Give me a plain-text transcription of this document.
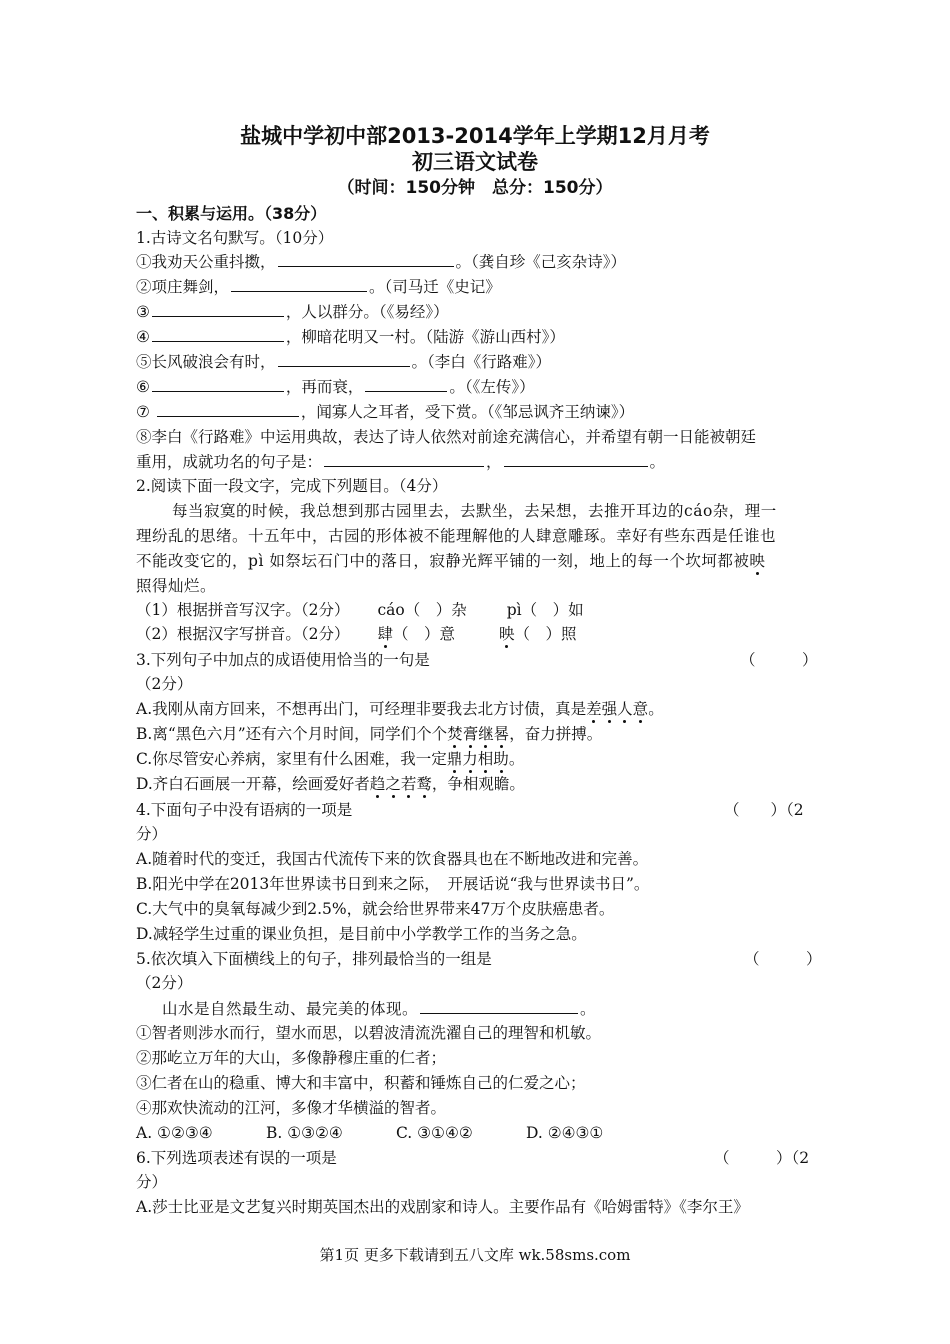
盐城中学初中部2013-2014学年上学期12月月考
初三语文试卷
（时间：150分钟　总分：150分）
一、积累与运用。（38分）
1.古诗文名句默写。（10分）
①我劝天公重抖擞，	。（龚自珍《己亥杂诗》）
②项庄舞剑，	。（司马迁《史记》
③	，人以群分。（《易经》）
④	，柳暗花明又一村。（陆游《游山西村》）
⑤长风破浪会有时，	。（李白《行路难》）
⑥	，再而衰，	。（《左传》）
⑦	，闻寡人之耳者，受下赏。（《邹忌讽齐王纳谏》）
⑧李白《行路难》中运用典故，表达了诗人依然对前途充满信心，并希望有朝一日能被朝廷
重用，成就功名的句子是：	，	。
2.阅读下面一段文字，完成下列题目。（4分）
每当寂寞的时候，我总想到那古园里去，去默坐，去呆想，去推开耳边的cáo杂，理一
理纷乱的思绪。十五年中，古园的形体被不能理解他的人肆意雕琢。幸好有些东西是任谁也
不能改变它的，pì 如祭坛石门中的落日，寂静光辉平铺的一刻，地上的每一个坎坷都被映
照得灿烂。
（1）根据拼音写汉字。（2分） cáo（　）杂	pì（　）如
（2）根据汉字写拼音。（2分） 肆（　）意	映（　）照
3.下列句子中加点的成语使用恰当的一句是	（　　　）
（2分）
A.我刚从南方回来，不想再出门，可经理非要我去北方讨债，真是差强人意。
B.离“黑色六月”还有六个月时间，同学们个个焚膏继晷，奋力拼搏。
C.你尽管安心养病，家里有什么困难，我一定鼎力相助。
D.齐白石画展一开幕，绘画爱好者趋之若鹜，争相观瞻。
4.下面句子中没有语病的一项是	（　　）（2
分）
A.随着时代的变迁，我国古代流传下来的饮食器具也在不断地改进和完善。
B.阳光中学在2013年世界读书日到来之际，　开展话说“我与世界读书日”。
C.大气中的臭氧每减少到2.5%，就会给世界带来47万个皮肤癌患者。
D.减轻学生过重的课业负担，是目前中小学教学工作的当务之急。
5.依次填入下面横线上的句子，排列最恰当的一组是	（　　　）
（2分）
山水是自然最生动、最完美的体现。	。
①智者则涉水而行，望水而思，以碧波清流洗濯自己的理智和机敏。
②那屹立万年的大山，多像静穆庄重的仁者；
③仁者在山的稳重、博大和丰富中，积蓄和锤炼自己的仁爱之心；
④那欢快流动的江河，多像才华横溢的智者。
A. ①②③④	B. ①③②④	C. ③①④②	D. ②④③①
6.下列选项表述有误的一项是	（　　　）（2
分）
A.莎士比亚是文艺复兴时期英国杰出的戏剧家和诗人。主要作品有《哈姆雷特》《李尔王》
第1页 更多下载请到五八文库 wk.58sms.com
